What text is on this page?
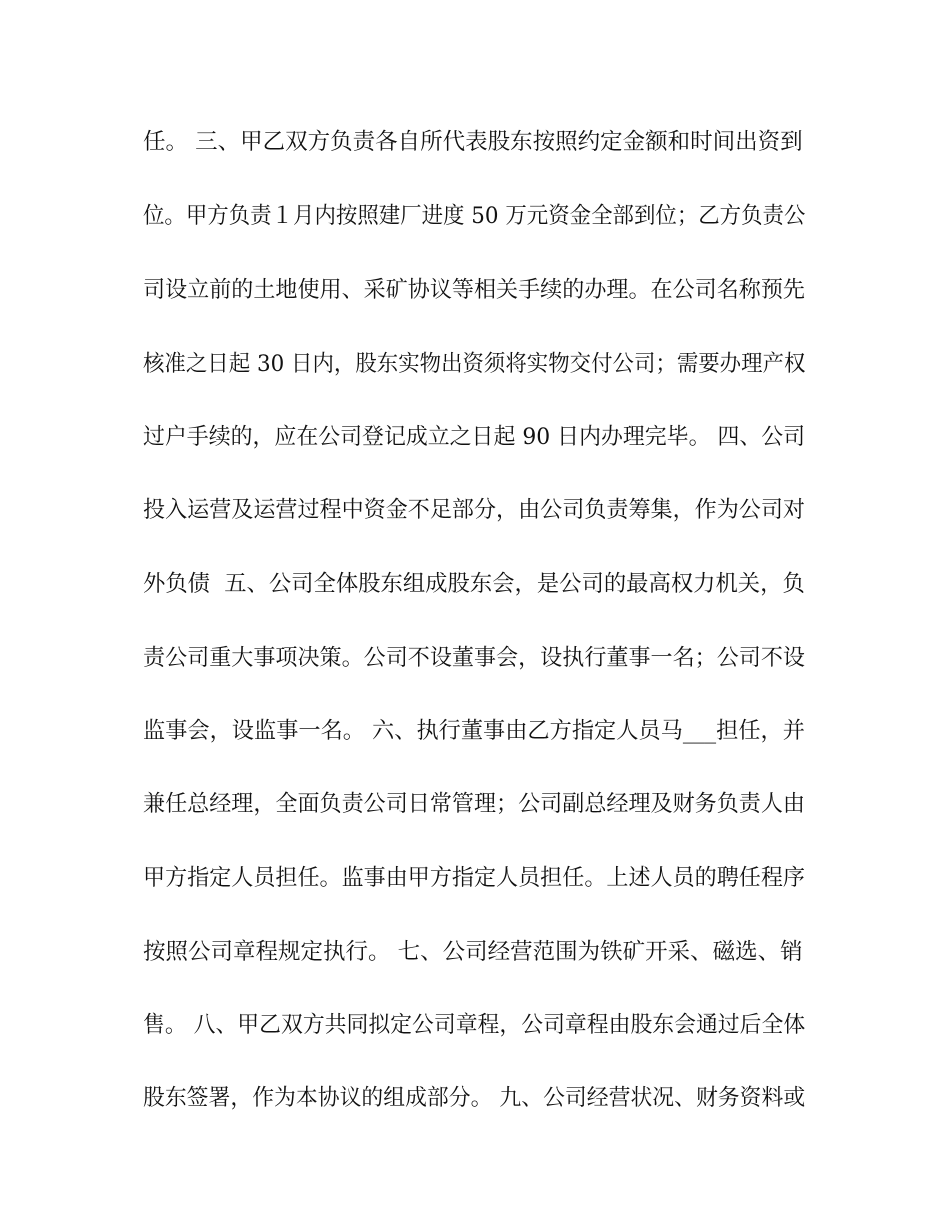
任。 三、甲乙双方负责各自所代表股东按照约定金额和时间出资到
位。甲方负责１月内按照建厂进度 50 万元资金全部到位；乙方负责公
司设立前的土地使用、采矿协议等相关手续的办理。在公司名称预先
核准之日起 30 日内，股东实物出资须将实物交付公司；需要办理产权
过户手续的，应在公司登记成立之日起 90 日内办理完毕。 四、公司
投入运营及运营过程中资金不足部分，由公司负责筹集，作为公司对
外负债  五、公司全体股东组成股东会，是公司的最高权力机关，负
责公司重大事项决策。公司不设董事会，设执行董事一名；公司不设
监事会，设监事一名。 六、执行董事由乙方指定人员马___担任，并
兼任总经理，全面负责公司日常管理；公司副总经理及财务负责人由
甲方指定人员担任。监事由甲方指定人员担任。上述人员的聘任程序
按照公司章程规定执行。 七、公司经营范围为铁矿开采、磁选、销
售。 八、甲乙双方共同拟定公司章程，公司章程由股东会通过后全体
股东签署，作为本协议的组成部分。 九、公司经营状况、财务资料或
